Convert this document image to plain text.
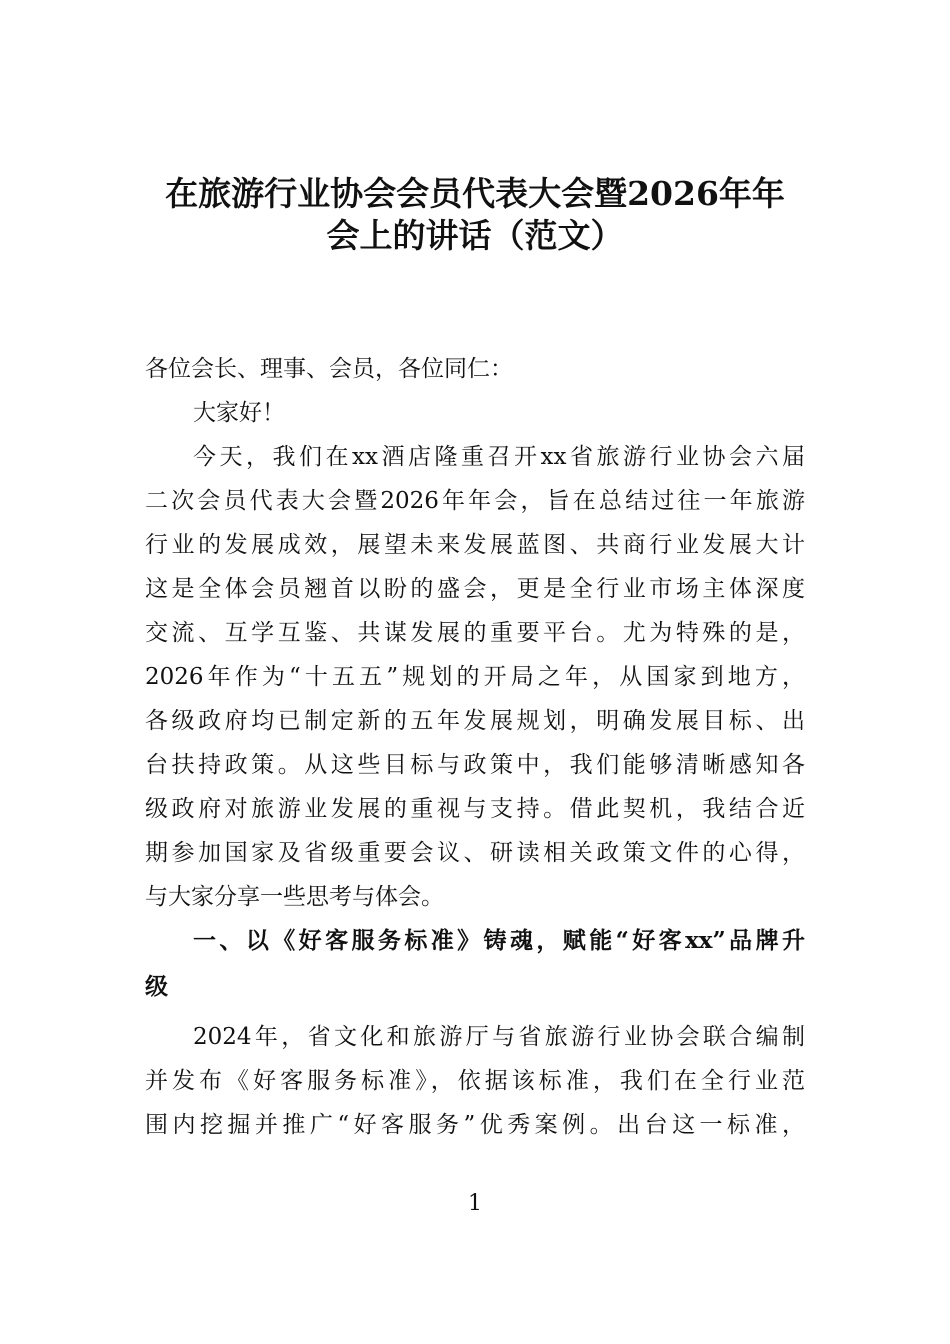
在旅游行业协会会员代表大会暨2026年年
会上的讲话（范文）
各位会长、理事、会员，各位同仁：
大家好！
今天，我们在xx酒店隆重召开xx省旅游行业协会六届
二次会员代表大会暨2026年年会，旨在总结过往一年旅游
行业的发展成效，展望未来发展蓝图、共商行业发展大计
这是全体会员翘首以盼的盛会，更是全行业市场主体深度
交流、互学互鉴、共谋发展的重要平台。尤为特殊的是，
2026年作为“十五五”规划的开局之年，从国家到地方，
各级政府均已制定新的五年发展规划，明确发展目标、出
台扶持政策。从这些目标与政策中，我们能够清晰感知各
级政府对旅游业发展的重视与支持。借此契机，我结合近
期参加国家及省级重要会议、研读相关政策文件的心得，
与大家分享一些思考与体会。
一、以《好客服务标准》铸魂，赋能“好客xx”品牌升
级
2024年，省文化和旅游厅与省旅游行业协会联合编制
并发布《好客服务标准》，依据该标准，我们在全行业范
围内挖掘并推广“好客服务”优秀案例。出台这一标准，
1
